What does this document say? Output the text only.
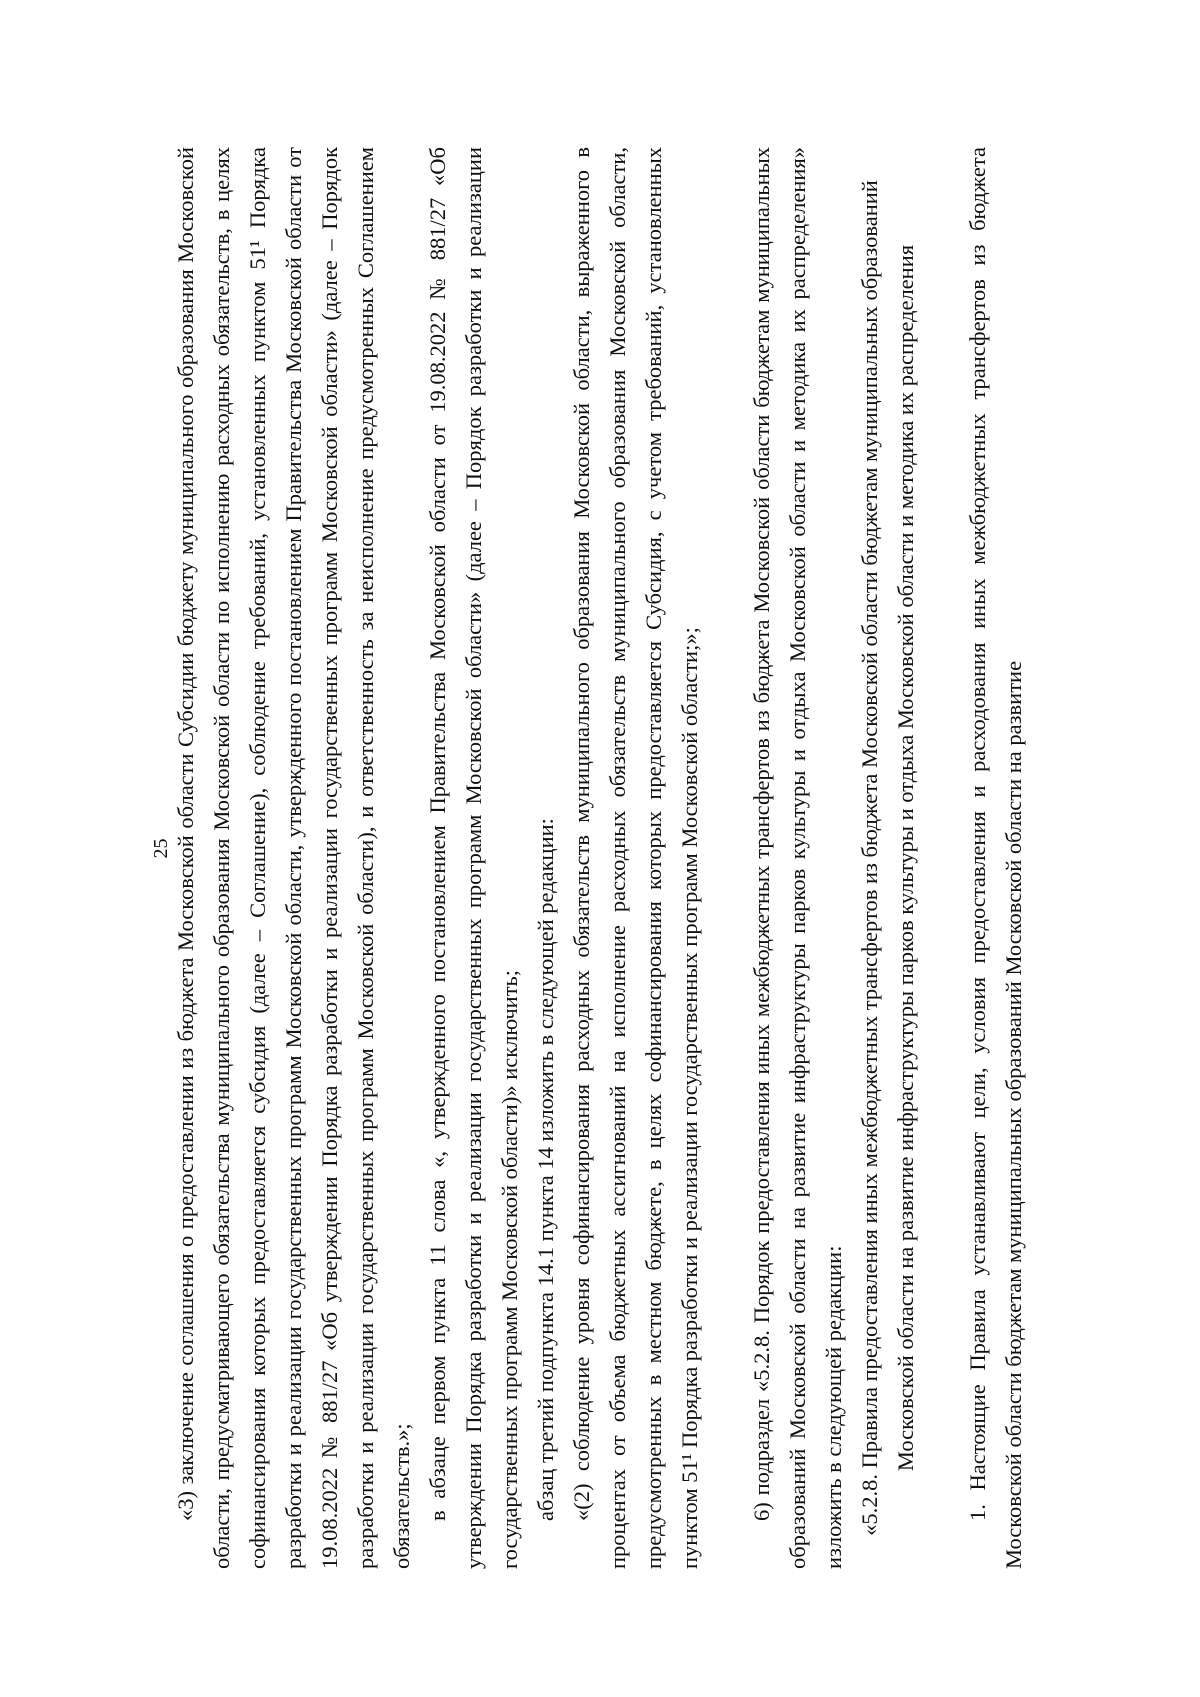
25 «3) заключение соглашения о предоставлении из бюджета Московской области Субсидии бюджету муниципального образования Московской области, предусматривающего обязательства муниципального образования Московской области по исполнению расходных обязательств, в целях софинансирования которых предоставляется субсидия (далее – Соглашение), соблюдение требований, установленных пунктом 51¹ Порядка разработки и реализации государственных программ Московской области, утвержденного постановлением Правительства Московской области от 19.08.2022 № 881/27 «Об утверждении Порядка разработки и реализации государственных программ Московской области» (далее – Порядок разработки и реализации государственных программ Московской области), и ответственность за неисполнение предусмотренных Соглашением обязательств.»; в абзаце первом пункта 11 слова «, утвержденного постановлением Правительства Московской области от 19.08.2022 № 881/27 «Об утверждении Порядка разработки и реализации государственных программ Московской области» (далее – Порядок разработки и реализации государственных программ Московской области)» исключить; абзац третий подпункта 14.1 пункта 14 изложить в следующей редакции: «(2) соблюдение уровня софинансирования расходных обязательств муниципального образования Московской области, выраженного в процентах от объема бюджетных ассигнований на исполнение расходных обязательств муниципального образования Московской области, предусмотренных в местном бюджете, в целях софинансирования которых предоставляется Субсидия, с учетом требований, установленных пунктом 51¹ Порядка разработки и реализации государственных программ Московской области;»; 6) подраздел «5.2.8. Порядок предоставления иных межбюджетных трансфертов из бюджета Московской области бюджетам муниципальных образований Московской области на развитие инфраструктуры парков культуры и отдыха Московской области и методика их распределения» изложить в следующей редакции: «5.2.8. Правила предоставления иных межбюджетных трансфертов из бюджета Московской области бюджетам муниципальных образований Московской области на развитие инфраструктуры парков культуры и отдыха Московской области и методика их распределения 1. Настоящие Правила устанавливают цели, условия предоставления и расходования иных межбюджетных трансфертов из бюджета Московской области бюджетам муниципальных образований Московской области на развитие
